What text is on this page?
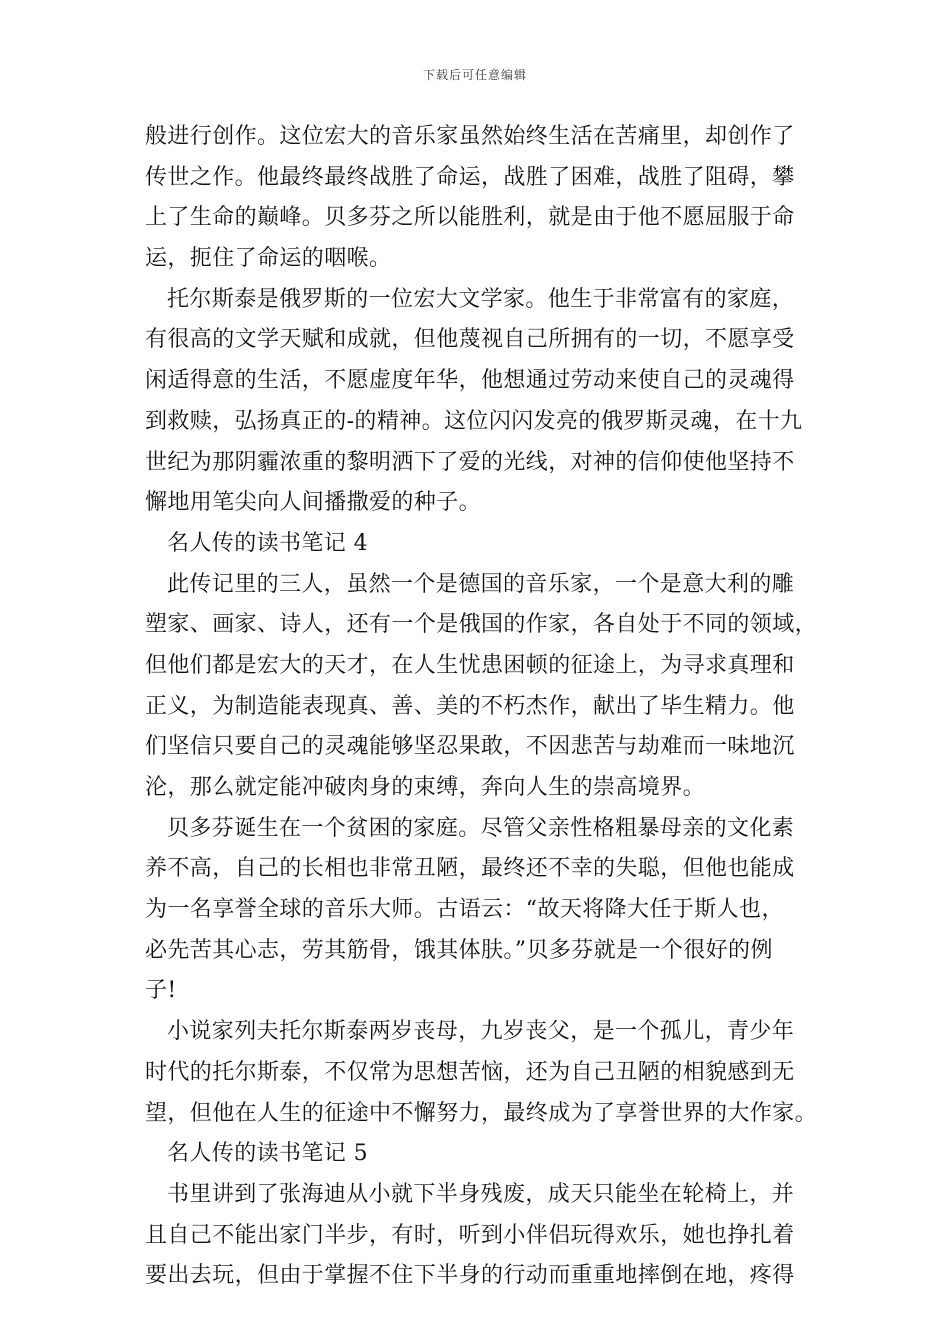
下载后可任意编辑
般进行创作。这位宏大的音乐家虽然始终生活在苦痛里，却创作了
传世之作。他最终最终战胜了命运，战胜了困难，战胜了阻碍，攀
上了生命的巅峰。贝多芬之所以能胜利，就是由于他不愿屈服于命
运，扼住了命运的咽喉。
托尔斯泰是俄罗斯的一位宏大文学家。他生于非常富有的家庭，
有很高的文学天赋和成就，但他蔑视自己所拥有的一切，不愿享受
闲适得意的生活，不愿虚度年华，他想通过劳动来使自己的灵魂得
到救赎，弘扬真正的-的精神。这位闪闪发亮的俄罗斯灵魂，在十九
世纪为那阴霾浓重的黎明洒下了爱的光线，对神的信仰使他坚持不
懈地用笔尖向人间播撒爱的种子。
名人传的读书笔记 4
此传记里的三人，虽然一个是德国的音乐家，一个是意大利的雕
塑家、画家、诗人，还有一个是俄国的作家，各自处于不同的领域，
但他们都是宏大的天才，在人生忧患困顿的征途上，为寻求真理和
正义，为制造能表现真、善、美的不朽杰作，献出了毕生精力。他
们坚信只要自己的灵魂能够坚忍果敢，不因悲苦与劫难而一味地沉
沦，那么就定能冲破肉身的束缚，奔向人生的崇高境界。
贝多芬诞生在一个贫困的家庭。尽管父亲性格粗暴母亲的文化素
养不高，自己的长相也非常丑陋，最终还不幸的失聪，但他也能成
为一名享誉全球的音乐大师。古语云：“故天将降大任于斯人也，
必先苦其心志，劳其筋骨，饿其体肤。”贝多芬就是一个很好的例
子!
小说家列夫托尔斯泰两岁丧母，九岁丧父，是一个孤儿，青少年
时代的托尔斯泰，不仅常为思想苦恼，还为自己丑陋的相貌感到无
望，但他在人生的征途中不懈努力，最终成为了享誉世界的大作家。
名人传的读书笔记 5
书里讲到了张海迪从小就下半身残废，成天只能坐在轮椅上，并
且自己不能出家门半步，有时，听到小伴侣玩得欢乐，她也挣扎着
要出去玩，但由于掌握不住下半身的行动而重重地摔倒在地，疼得
